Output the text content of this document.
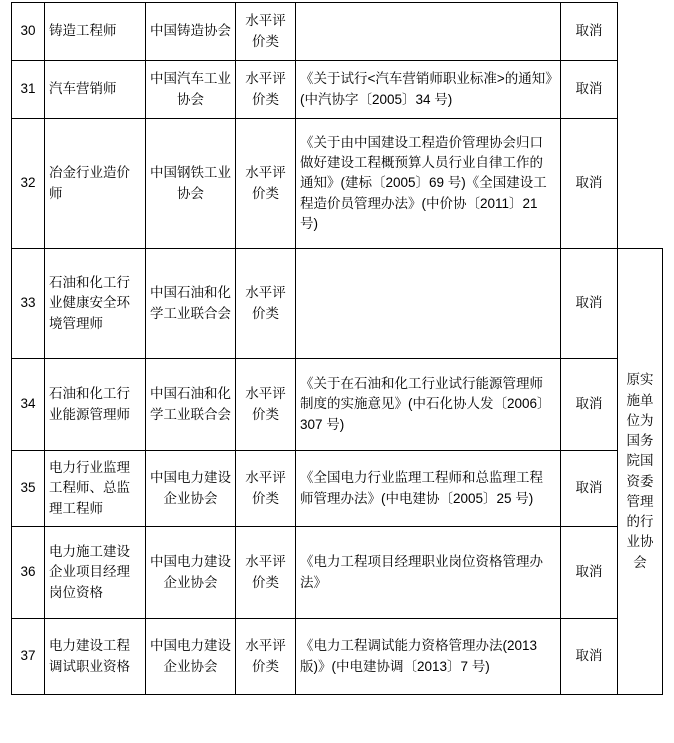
30	铸造工程师	中国铸造协会	水平评价类		取消	
31	汽车营销师	中国汽车工业协会	水平评价类	《关于试行<汽车营销师职业标准>的通知》(中汽协字〔2005〕34 号)	取消	
32	冶金行业造价师	中国钢铁工业协会	水平评价类	《关于由中国建设工程造价管理协会归口做好建设工程概预算人员行业自律工作的通知》(建标〔2005〕69 号)《全国建设工程造价员管理办法》(中价协〔2011〕21 号)	取消	
33	石油和化工行业健康安全环境管理师	中国石油和化学工业联合会	水平评价类		取消	原实施单位为国务院国资委管理的行业协会
34	石油和化工行业能源管理师	中国石油和化学工业联合会	水平评价类	《关于在石油和化工行业试行能源管理师制度的实施意见》(中石化协人发〔2006〕307 号)	取消	
35	电力行业监理工程师、总监理工程师	中国电力建设企业协会	水平评价类	《全国电力行业监理工程师和总监理工程师管理办法》(中电建协〔2005〕25 号)	取消	
36	电力施工建设企业项目经理岗位资格	中国电力建设企业协会	水平评价类	《电力工程项目经理职业岗位资格管理办法》	取消	
37	电力建设工程调试职业资格	中国电力建设企业协会	水平评价类	《电力工程调试能力资格管理办法(2013 版)》(中电建协调〔2013〕7 号)	取消	
